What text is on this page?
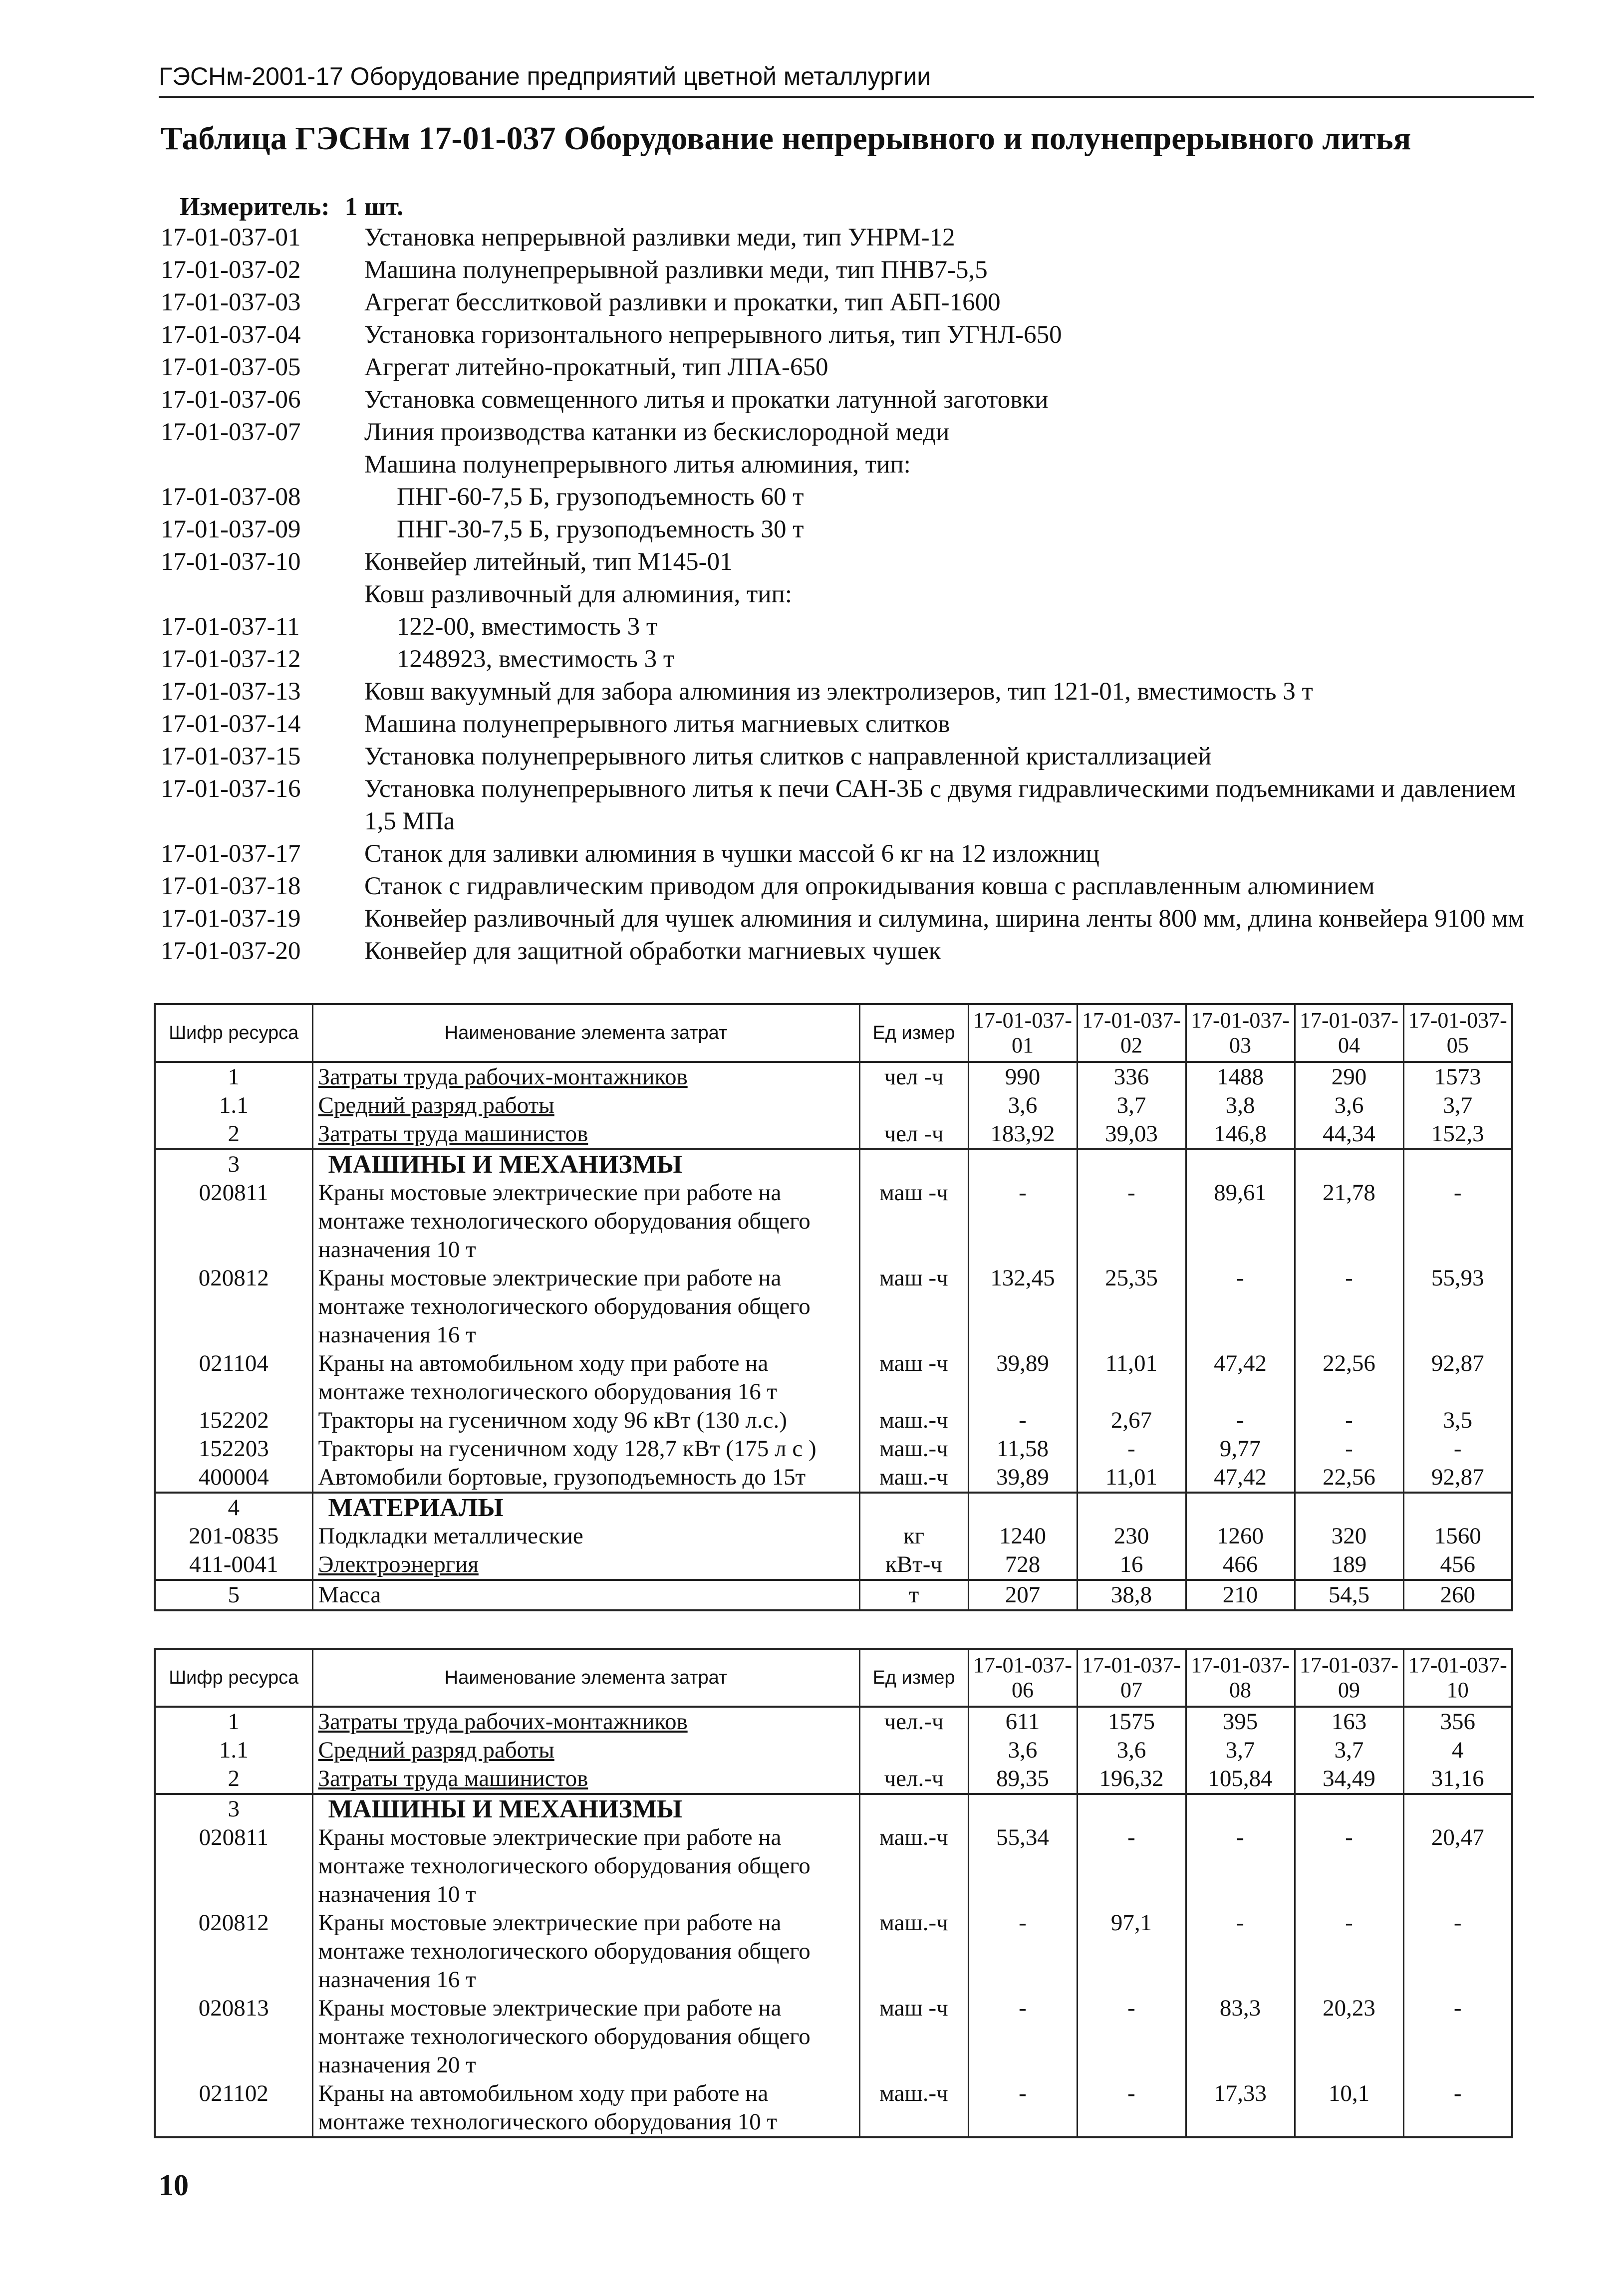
ГЭСНм-2001-17 Оборудование предприятий цветной металлургии
Таблица ГЭСНм 17-01-037 Оборудование непрерывного и полунепрерывного литья
Измеритель: 1 шт.
17-01-037-01	Установка непрерывной разливки меди, тип УНРМ-12
17-01-037-02	Машина полунепрерывной разливки меди, тип ПНВ7-5,5
17-01-037-03	Агрегат бесслитковой разливки и прокатки, тип АБП-1600
17-01-037-04	Установка горизонтального непрерывного литья, тип УГНЛ-650
17-01-037-05	Агрегат литейно-прокатный, тип ЛПА-650
17-01-037-06	Установка совмещенного литья и прокатки латунной заготовки
17-01-037-07	Линия производства катанки из бескислородной меди
Машина полунепрерывного литья алюминия, тип:
17-01-037-08	ПНГ-60-7,5 Б, грузоподъемность 60 т
17-01-037-09	ПНГ-30-7,5 Б, грузоподъемность 30 т
17-01-037-10	Конвейер литейный, тип М145-01
Ковш разливочный для алюминия, тип:
17-01-037-11	122-00, вместимость 3 т
17-01-037-12	1248923, вместимость 3 т
17-01-037-13	Ковш вакуумный для забора алюминия из электролизеров, тип 121-01, вместимость 3 т
17-01-037-14	Машина полунепрерывного литья магниевых слитков
17-01-037-15	Установка полунепрерывного литья слитков с направленной кристаллизацией
17-01-037-16	Установка полунепрерывного литья к печи САН-3Б с двумя гидравлическими подъемниками и давлением 1,5 МПа
17-01-037-17	Станок для заливки алюминия в чушки массой 6 кг на 12 изложниц
17-01-037-18	Станок с гидравлическим приводом для опрокидывания ковша с расплавленным алюминием
17-01-037-19	Конвейер разливочный для чушек алюминия и силумина, ширина ленты 800 мм, длина конвейера 9100 мм
17-01-037-20	Конвейер для защитной обработки магниевых чушек
Шифр ресурса	Наименование элемента затрат	Ед измер	17-01-037-01	17-01-037-02	17-01-037-03	17-01-037-04	17-01-037-05
1	Затраты труда рабочих-монтажников	чел -ч	990	336	1488	290	1573
1.1	Средний разряд работы		3,6	3,7	3,8	3,6	3,7
2	Затраты труда машинистов	чел -ч	183,92	39,03	146,8	44,34	152,3
3	МАШИНЫ И МЕХАНИЗМЫ						
020811	Краны мостовые электрические при работе на монтаже технологического оборудования общего назначения 10 т	маш -ч	-	-	89,61	21,78	-
020812	Краны мостовые электрические при работе на монтаже технологического оборудования общего назначения 16 т	маш -ч	132,45	25,35	-	-	55,93
021104	Краны на автомобильном ходу при работе на монтаже технологического оборудования 16 т	маш -ч	39,89	11,01	47,42	22,56	92,87
152202	Тракторы на гусеничном ходу 96 кВт (130 л.с.)	маш.-ч	-	2,67	-	-	3,5
152203	Тракторы на гусеничном ходу 128,7 кВт (175 л с )	маш.-ч	11,58	-	9,77	-	-
400004	Автомобили бортовые, грузоподъемность до 15т	маш.-ч	39,89	11,01	47,42	22,56	92,87
4	МАТЕРИАЛЫ						
201-0835	Подкладки металлические	кг	1240	230	1260	320	1560
411-0041	Электроэнергия	кВт-ч	728	16	466	189	456
5	Масса	т	207	38,8	210	54,5	260
Шифр ресурса	Наименование элемента затрат	Ед измер	17-01-037-06	17-01-037-07	17-01-037-08	17-01-037-09	17-01-037-10
1	Затраты труда рабочих-монтажников	чел.-ч	611	1575	395	163	356
1.1	Средний разряд работы		3,6	3,6	3,7	3,7	4
2	Затраты труда машинистов	чел.-ч	89,35	196,32	105,84	34,49	31,16
3	МАШИНЫ И МЕХАНИЗМЫ						
020811	Краны мостовые электрические при работе на монтаже технологического оборудования общего назначения 10 т	маш.-ч	55,34	-	-	-	20,47
020812	Краны мостовые электрические при работе на монтаже технологического оборудования общего назначения 16 т	маш.-ч	-	97,1	-	-	-
020813	Краны мостовые электрические при работе на монтаже технологического оборудования общего назначения 20 т	маш -ч	-	-	83,3	20,23	-
021102	Краны на автомобильном ходу при работе на монтаже технологического оборудования 10 т	маш.-ч	-	-	17,33	10,1	-
10
